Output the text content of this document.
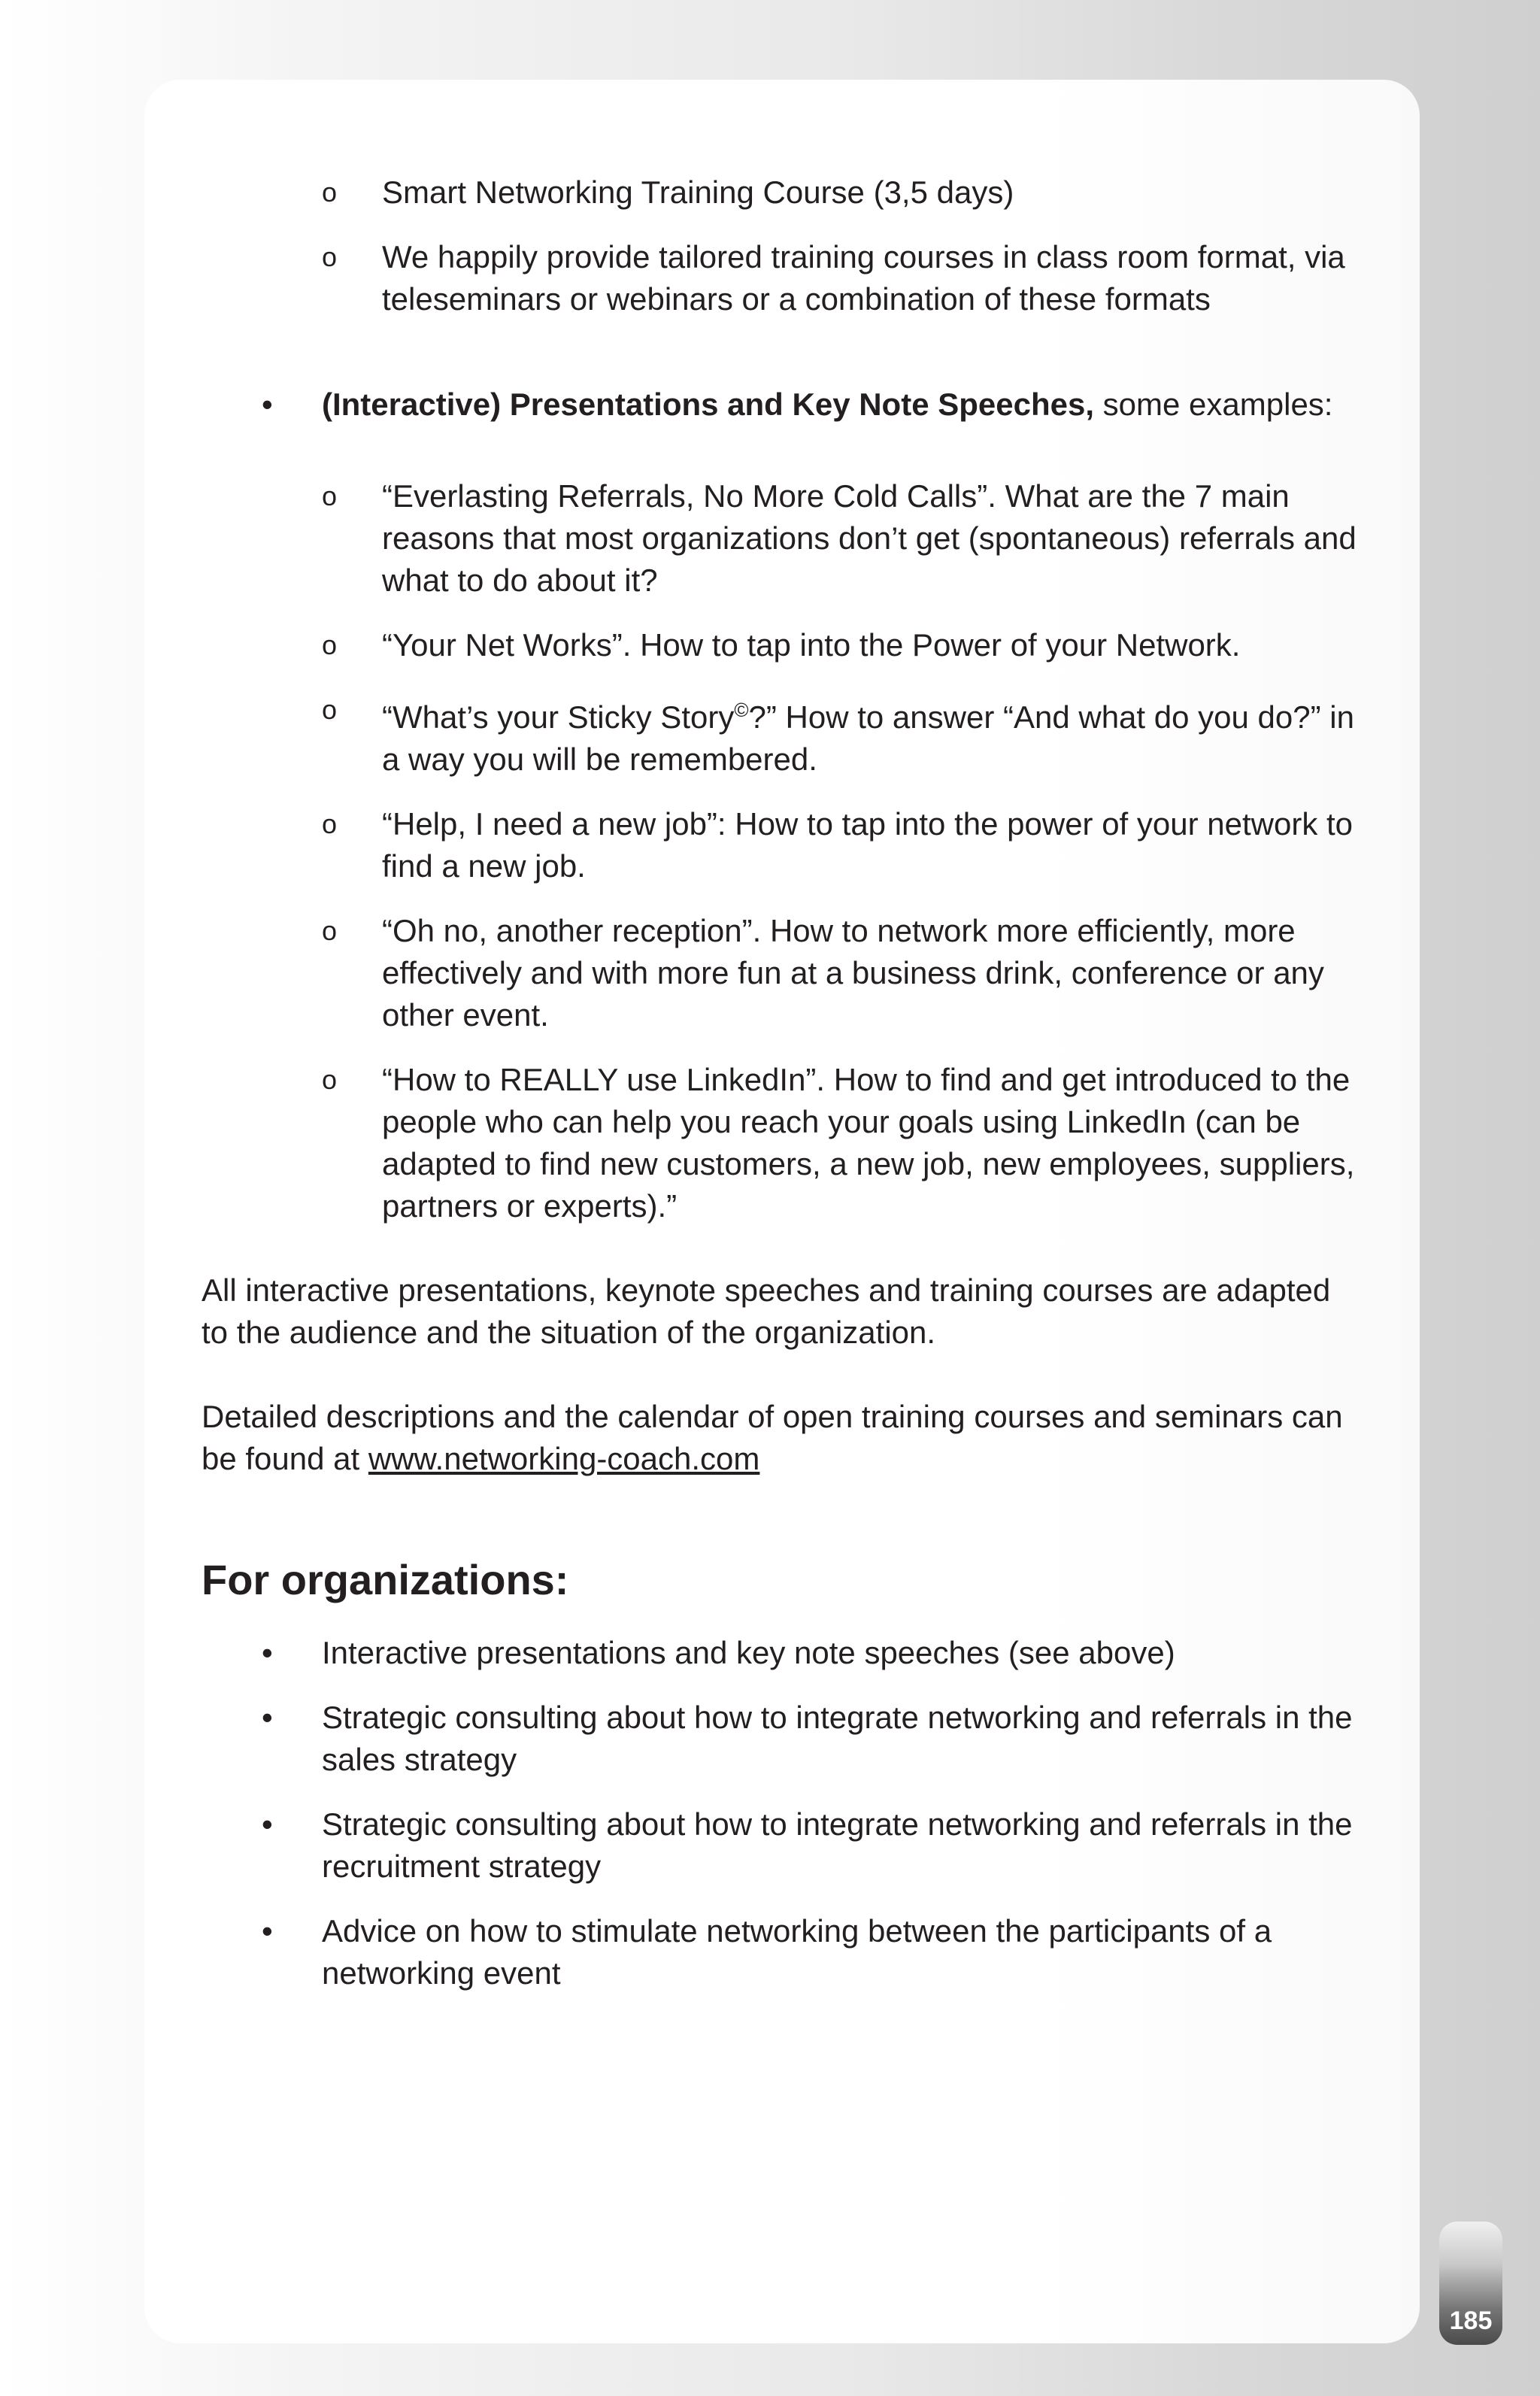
o Smart Networking Training Course (3,5 days)
o We happily provide tailored training courses in class room format, via teleseminars or webinars or a combination of these formats
• (Interactive) Presentations and Key Note Speeches, some examples:
o “Everlasting Referrals, No More Cold Calls”. What are the 7 main reasons that most organizations don’t get (spontaneous) referrals and what to do about it?
o “Your Net Works”. How to tap into the Power of your Network.
o “What’s your Sticky Story©?” How to answer “And what do you do?” in a way you will be remembered.
o “Help, I need a new job”: How to tap into the power of your network to find a new job.
o “Oh no, another reception”. How to network more efficiently, more effectively and with more fun at a business drink, conference or any other event.
o “How to REALLY use LinkedIn”. How to find and get introduced to the people who can help you reach your goals using LinkedIn (can be adapted to find new customers, a new job, new employees, suppliers, partners or experts).”

All interactive presentations, keynote speeches and training courses are adapted to the audience and the situation of the organization.

Detailed descriptions and the calendar of open training courses and seminars can be found at www.networking-coach.com

For organizations:
• Interactive presentations and key note speeches (see above)
• Strategic consulting about how to integrate networking and referrals in the sales strategy
• Strategic consulting about how to integrate networking and referrals in the recruitment strategy
• Advice on how to stimulate networking between the participants of a networking event
185
